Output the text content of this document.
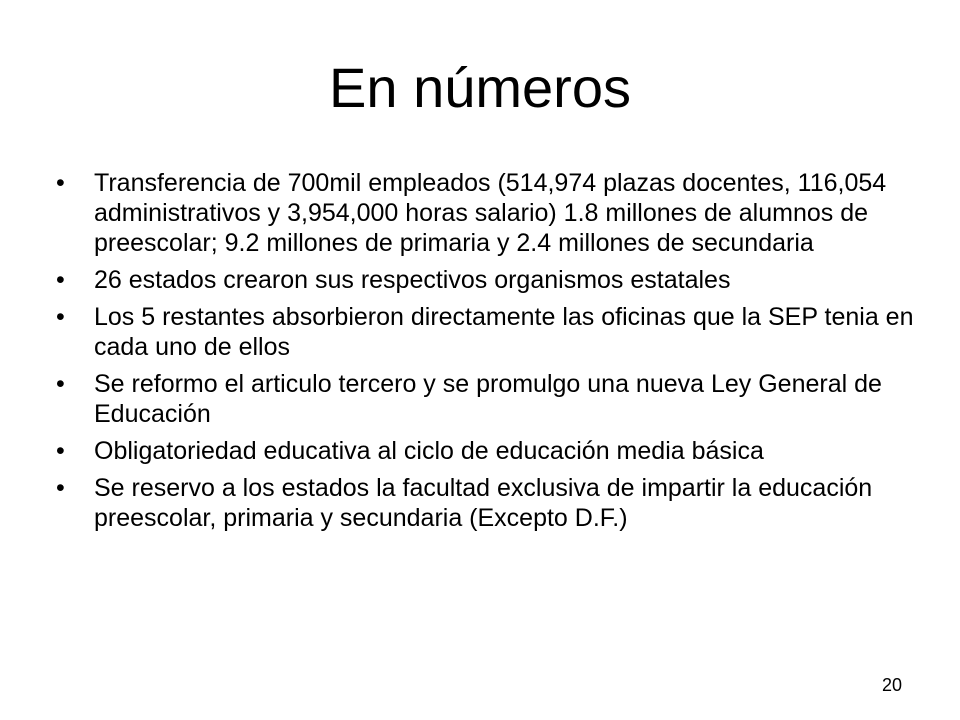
En números
•	Transferencia de 700mil empleados (514,974 plazas docentes, 116,054 administrativos y 3,954,000 horas salario) 1.8 millones de alumnos de preescolar; 9.2 millones de primaria y 2.4 millones de secundaria
•	26 estados crearon sus respectivos organismos estatales
•	Los 5 restantes absorbieron directamente las oficinas que la SEP tenia en cada uno de ellos
•	Se reformo el articulo tercero y se promulgo una nueva Ley General de Educación
•	Obligatoriedad educativa al ciclo de educación media básica
•	Se reservo a los estados la facultad exclusiva de impartir la educación preescolar, primaria y secundaria (Excepto D.F.)
20
